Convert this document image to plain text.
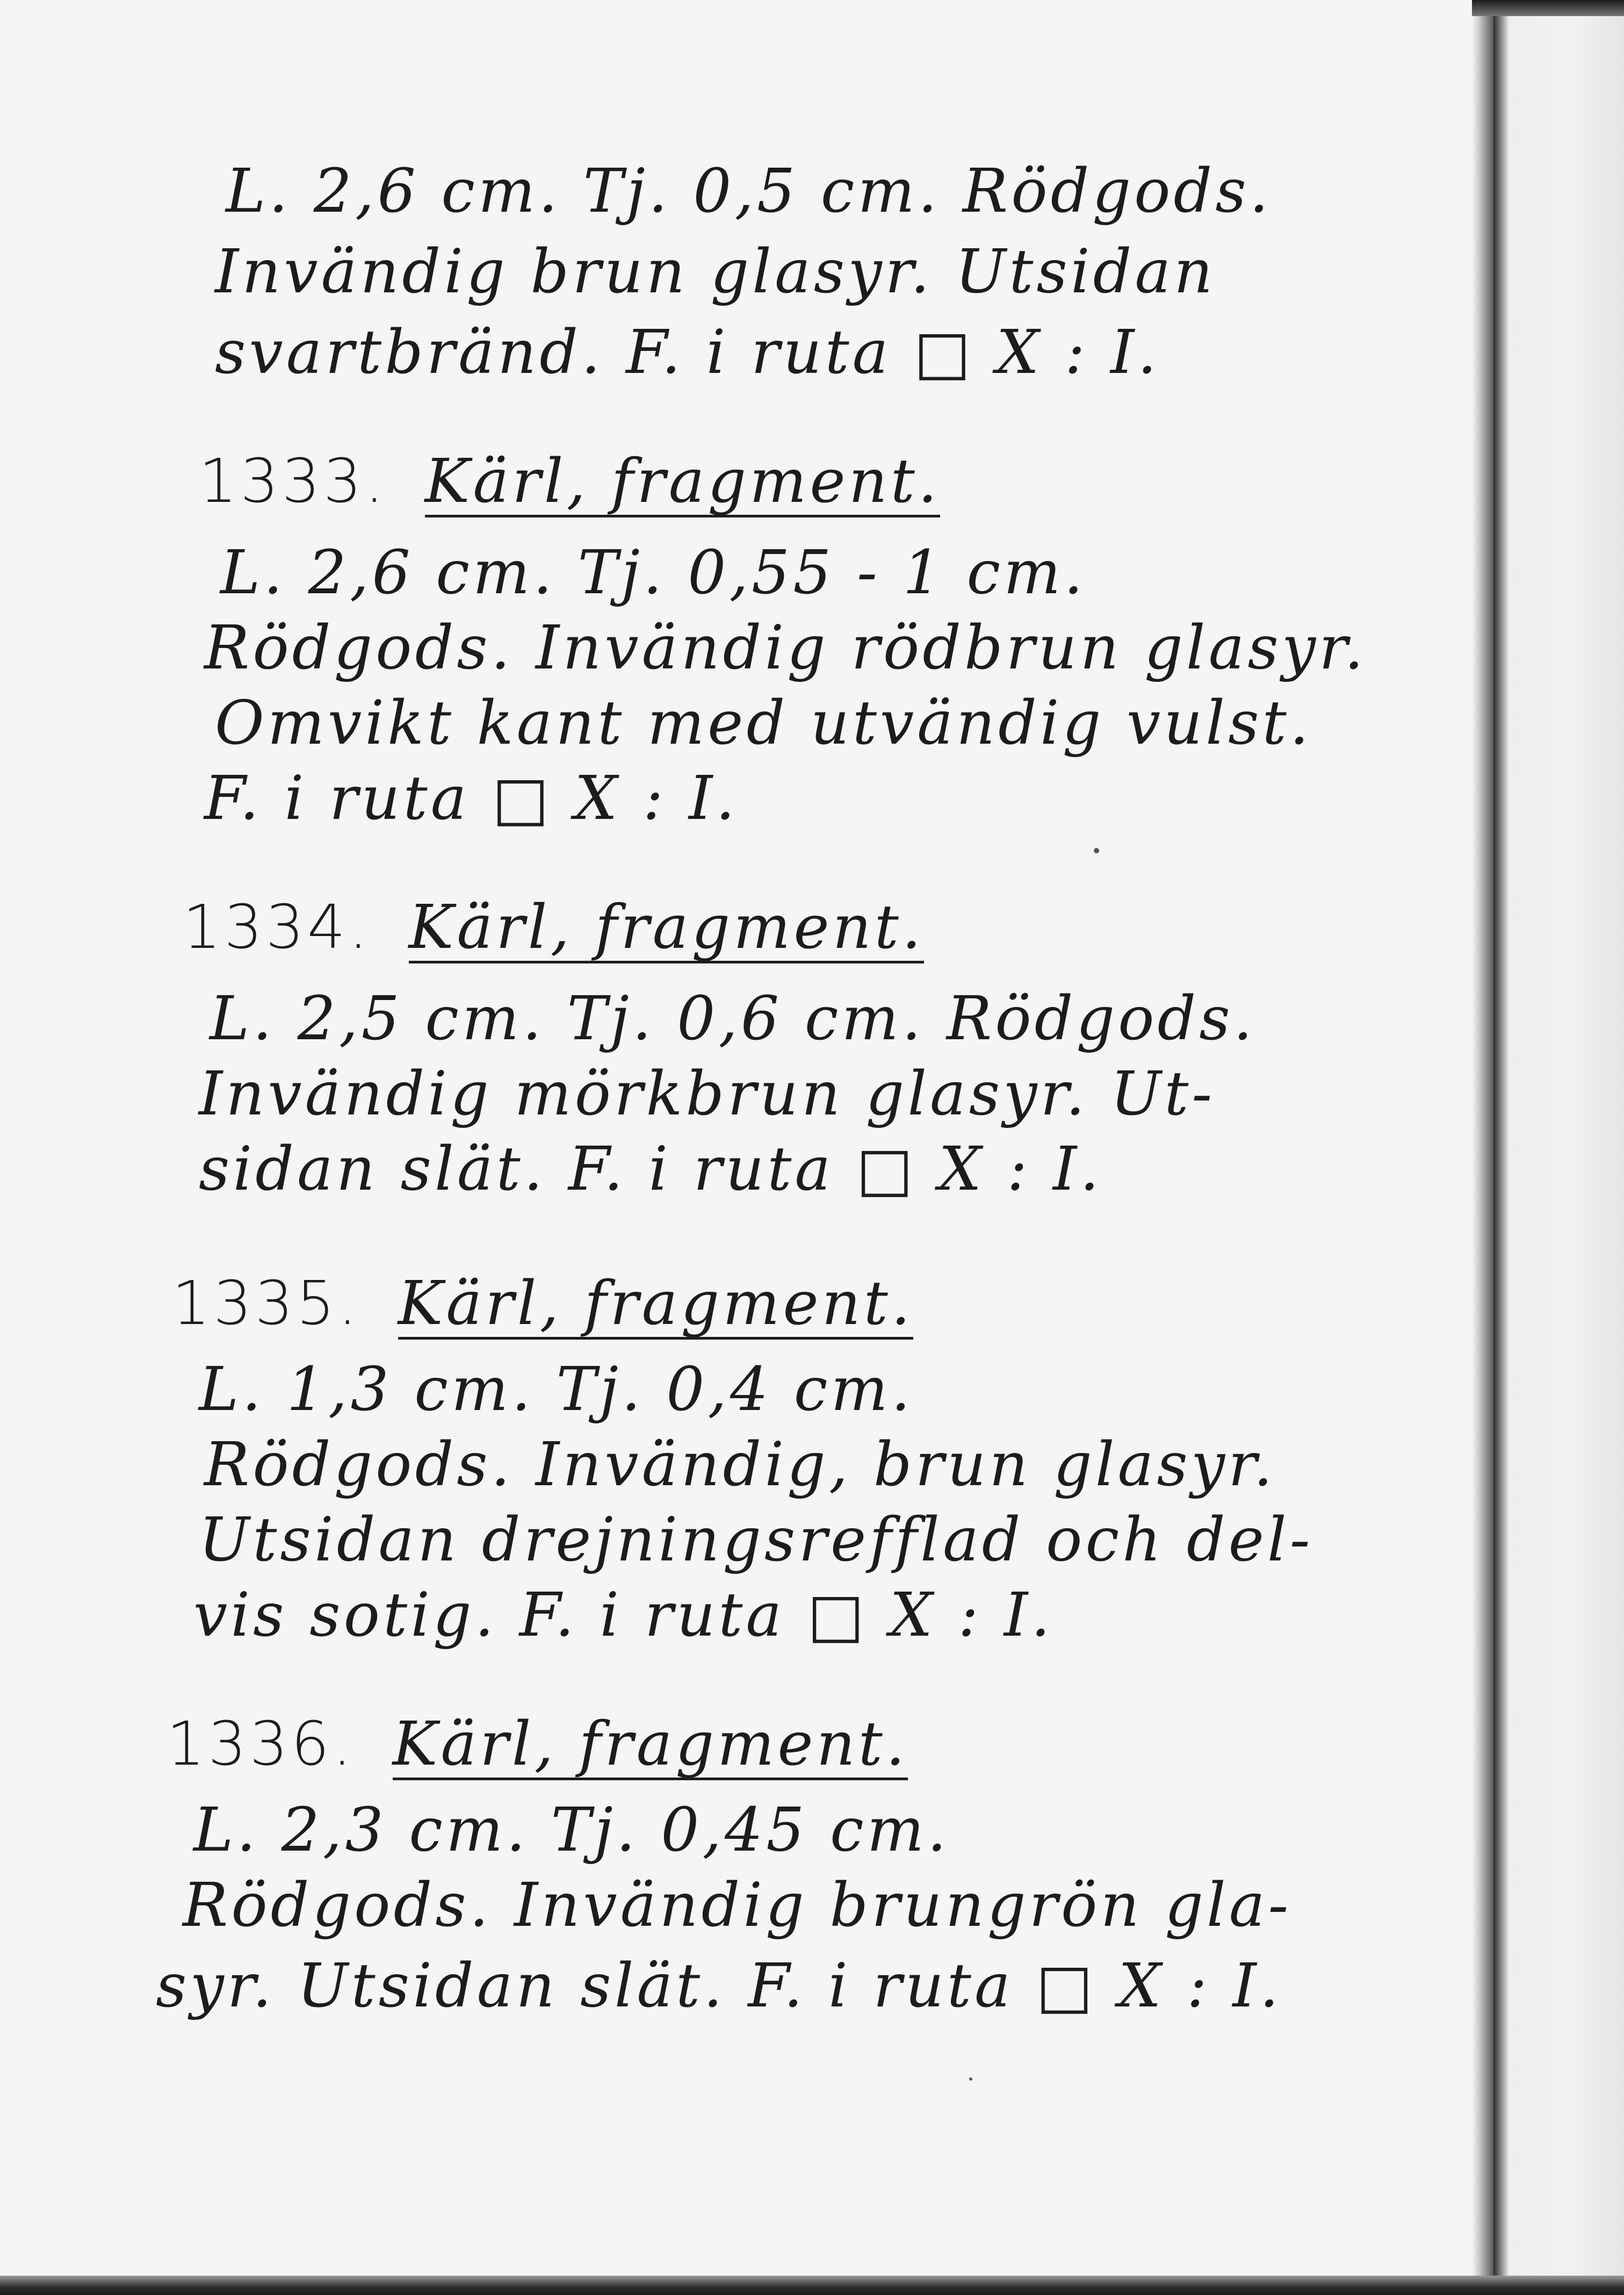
L. 2,6 cm. Tj. 0,5 cm. Rödgods.
Invändig brun glasyr. Utsidan
svartbränd. F. i ruta □ X : I.
1333. Kärl, fragment.
L. 2,6 cm. Tj. 0,55 - 1 cm.
Rödgods. Invändig rödbrun glasyr.
Omvikt kant med utvändig vulst.
F. i ruta □ X : I.
1334. Kärl, fragment.
L. 2,5 cm. Tj. 0,6 cm. Rödgods.
Invändig mörkbrun glasyr. Ut-
sidan slät. F. i ruta □ X : I.
1335. Kärl, fragment.
L. 1,3 cm. Tj. 0,4 cm.
Rödgods. Invändig, brun glasyr.
Utsidan drejningsrefflad och del-
vis sotig. F. i ruta □ X : I.
1336. Kärl, fragment.
L. 2,3 cm. Tj. 0,45 cm.
Rödgods. Invändig brungrön gla-
syr. Utsidan slät. F. i ruta □ X : I.
